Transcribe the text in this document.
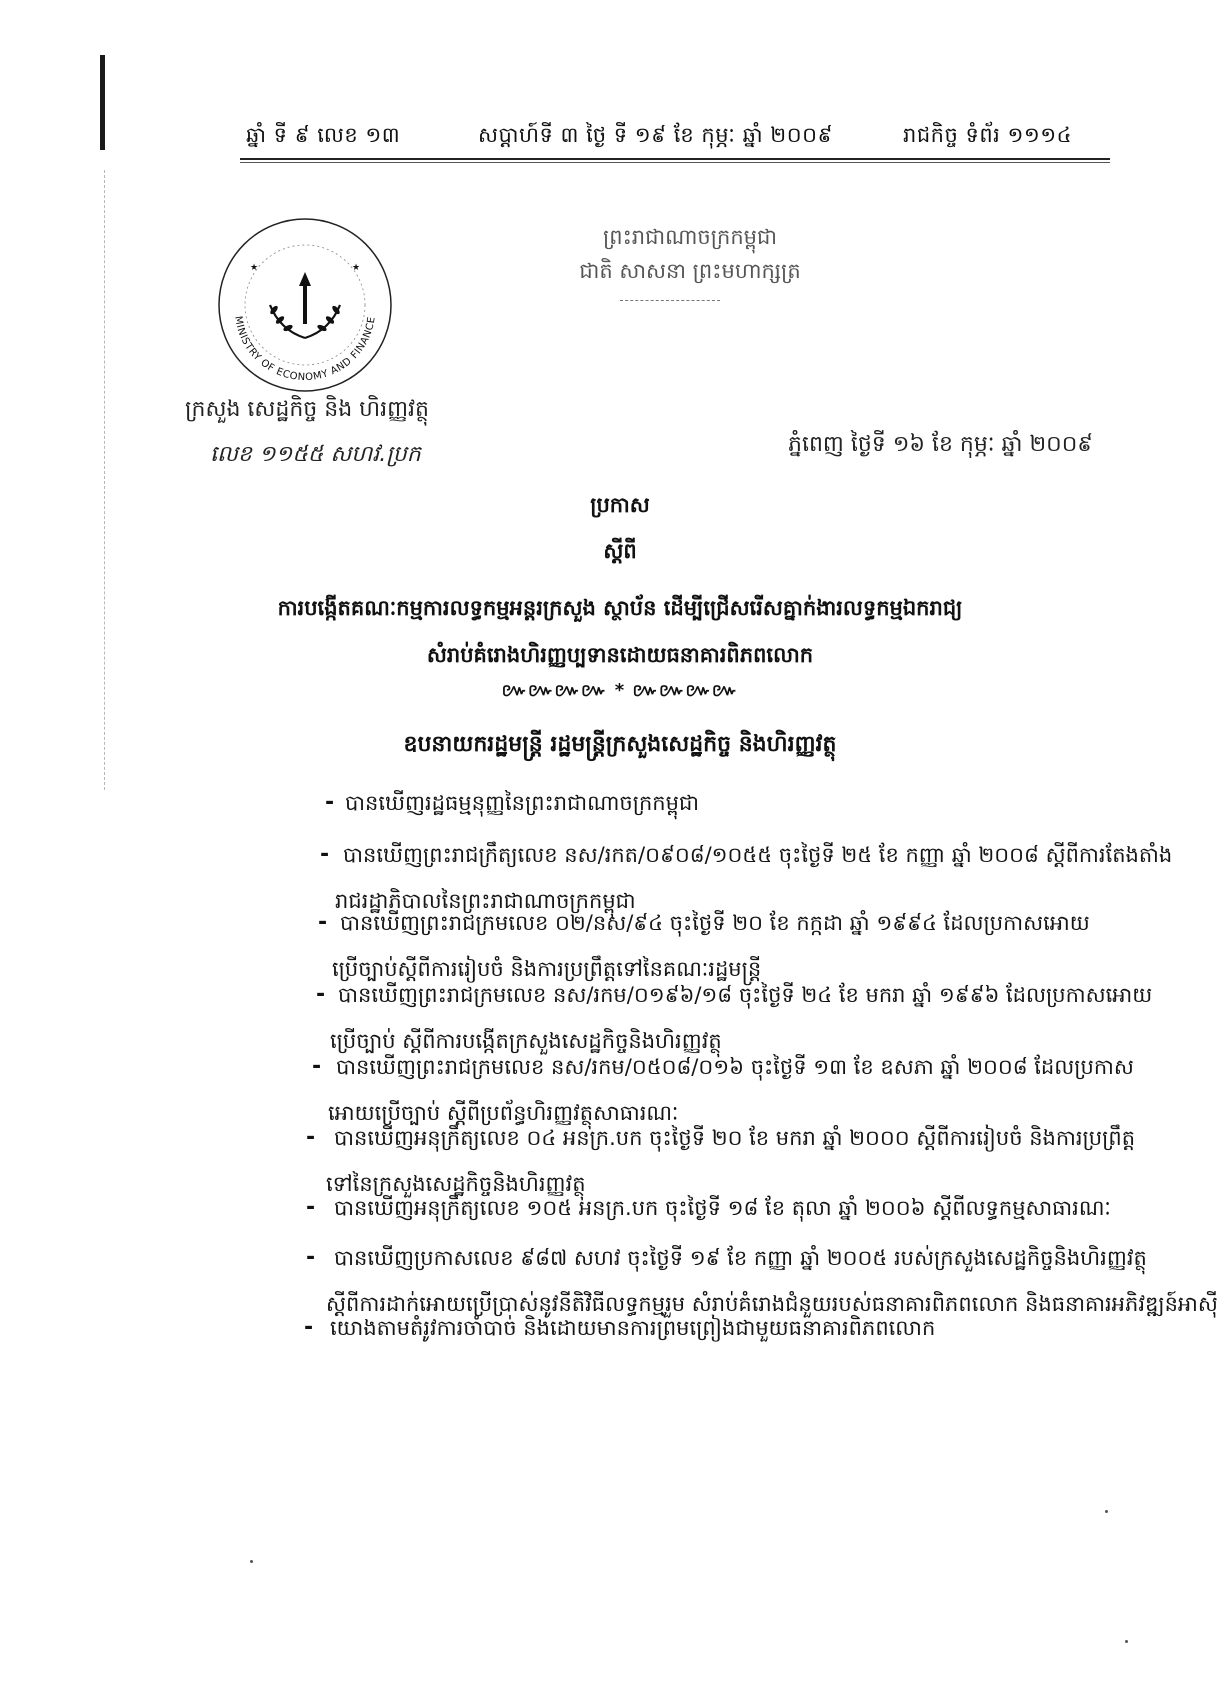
ឆ្នាំ ទី ៩ លេខ ១៣	សប្តាហ៍ទី ៣ ថ្ងៃ ទី ១៩ ខែ កុម្ភៈ ឆ្នាំ ២០០៩	រាជកិច្ច ទំព័រ ១១១៤
ព្រះរាជាណាចក្រកម្ពុជា
ជាតិ សាសនា ព្រះមហាក្សត្រ
★	★
MINISTRY OF ECONOMY AND FINANCE
ក្រសួង សេដ្ឋកិច្ច និង ហិរញ្ញវត្ថុ
លេខ ១១៥៥ សហវ.ប្រក	ភ្នំពេញ ថ្ងៃទី ១៦ ខែ កុម្ភៈ ឆ្នាំ ២០០៩
ប្រកាស
ស្តីពី
ការបង្កើតគណៈកម្មការលទ្ធកម្មអន្តរក្រសួង ស្ថាប័ន ដើម្បីជ្រើសរើសគ្នាក់ងារលទ្ធកម្មឯករាជ្យ
សំរាប់គំរោងហិរញ្ញប្បទានដោយធនាគារពិភពលោក
៚៚៚៚ * ៚៚៚៚
ឧបនាយករដ្ឋមន្ត្រី រដ្ឋមន្ត្រីក្រសួងសេដ្ឋកិច្ច និងហិរញ្ញវត្ថុ
- បានឃើញរដ្ឋធម្មនុញ្ញនៃព្រះរាជាណាចក្រកម្ពុជា
- បានឃើញព្រះរាជក្រឹត្យលេខ នស/រកត/០៩០៨/១០៥៥ ចុះថ្ងៃទី ២៥ ខែ កញ្ញា ឆ្នាំ ២០០៨ ស្តីពីការតែងតាំង
រាជរដ្ឋាភិបាលនៃព្រះរាជាណាចក្រកម្ពុជា
- បានឃើញព្រះរាជក្រមលេខ ០២/នស/៩៤ ចុះថ្ងៃទី ២០ ខែ កក្កដា ឆ្នាំ ១៩៩៤ ដែលប្រកាសអោយ
ប្រើច្បាប់ស្តីពីការរៀបចំ និងការប្រព្រឹត្តទៅនៃគណៈរដ្ឋមន្ត្រី
- បានឃើញព្រះរាជក្រមលេខ នស/រកម/០១៩៦/១៨ ចុះថ្ងៃទី ២៤ ខែ មករា ឆ្នាំ ១៩៩៦ ដែលប្រកាសអោយ
ប្រើច្បាប់ ស្តីពីការបង្កើតក្រសួងសេដ្ឋកិច្ចនិងហិរញ្ញវត្ថុ
- បានឃើញព្រះរាជក្រមលេខ នស/រកម/០៥០៨/០១៦ ចុះថ្ងៃទី ១៣ ខែ ឧសភា ឆ្នាំ ២០០៨ ដែលប្រកាស
អោយប្រើច្បាប់ ស្តីពីប្រព័ន្ធហិរញ្ញវត្ថុសាធារណៈ
- បានឃើញអនុក្រឹត្យលេខ ០៤ អនក្រ.បក ចុះថ្ងៃទី ២០ ខែ មករា ឆ្នាំ ២០០០ ស្តីពីការរៀបចំ និងការប្រព្រឹត្ត
ទៅនៃក្រសួងសេដ្ឋកិច្ចនិងហិរញ្ញវត្ថុ
- បានឃើញអនុក្រឹត្យលេខ ១០៥ អនក្រ.បក ចុះថ្ងៃទី ១៨ ខែ តុលា ឆ្នាំ ២០០៦ ស្តីពីលទ្ធកម្មសាធារណៈ
- បានឃើញប្រកាសលេខ ៩៨៧ សហវ ចុះថ្ងៃទី ១៩ ខែ កញ្ញា ឆ្នាំ ២០០៥ របស់ក្រសួងសេដ្ឋកិច្ចនិងហិរញ្ញវត្ថុ
ស្តីពីការដាក់អោយប្រើប្រាស់នូវនីតិវិធីលទ្ធកម្មរួម សំរាប់គំរោងជំនួយរបស់ធនាគារពិភពលោក និងធនាគារអភិវឌ្ឍន៍អាស៊ី
- យោងតាមតំរូវការចាំបាច់ និងដោយមានការព្រមព្រៀងជាមួយធនាគារពិភពលោក
